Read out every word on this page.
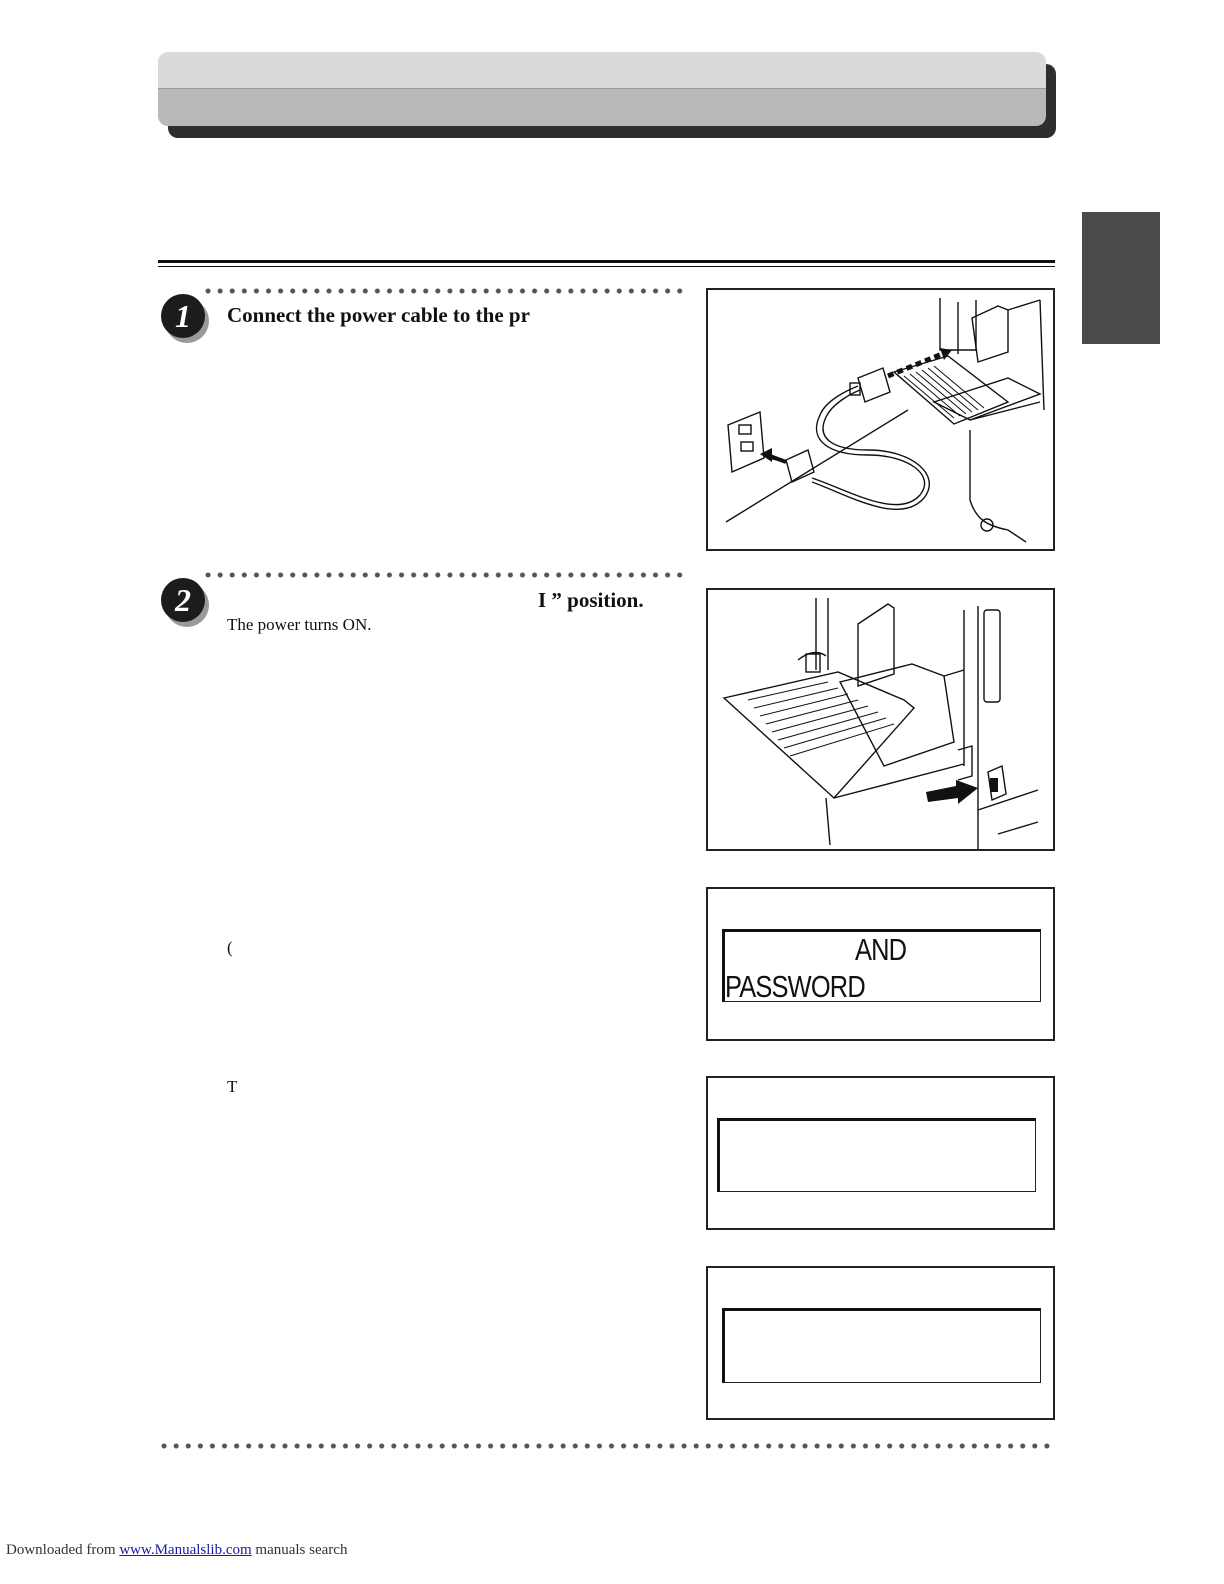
1 Connect the power cable to the pr
2	I ” position.
The power turns ON.
(
T
AND
PASSWORD
Downloaded from www.Manualslib.com manuals search
